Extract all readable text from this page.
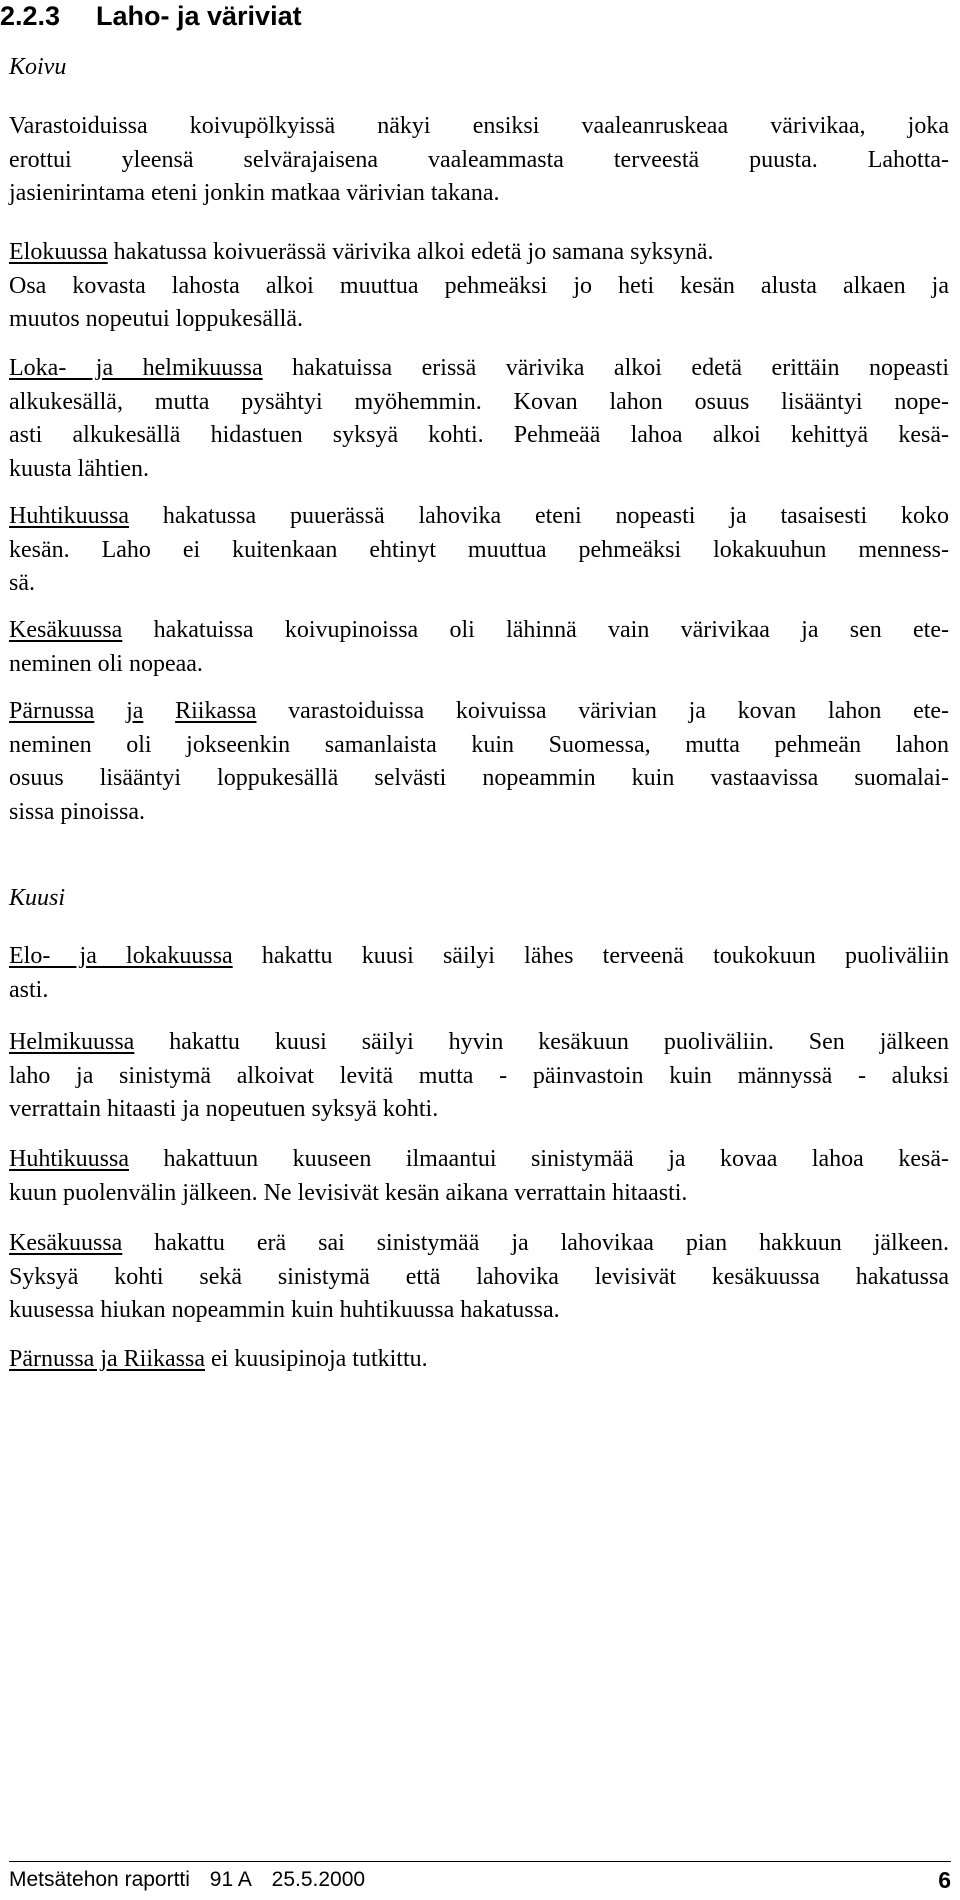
2.2.3 Laho- ja väriviat
Koivu
Varastoiduissa koivupölkyissä näkyi ensiksi vaaleanruskeaa värivikaa, joka
erottui yleensä selvärajaisena vaaleammasta terveestä puusta. Lahotta-
jasienirintama eteni jonkin matkaa värivian takana.
Elokuussa hakatussa koivuerässä värivika alkoi edetä jo samana syksynä.
Osa kovasta lahosta alkoi muuttua pehmeäksi jo heti kesän alusta alkaen ja
muutos nopeutui loppukesällä.
Loka- ja helmikuussa hakatuissa erissä värivika alkoi edetä erittäin nopeasti
alkukesällä, mutta pysähtyi myöhemmin. Kovan lahon osuus lisääntyi nope-
asti alkukesällä hidastuen syksyä kohti. Pehmeää lahoa alkoi kehittyä kesä-
kuusta lähtien.
Huhtikuussa hakatussa puuerässä lahovika eteni nopeasti ja tasaisesti koko
kesän. Laho ei kuitenkaan ehtinyt muuttua pehmeäksi lokakuuhun menness-
sä.
Kesäkuussa hakatuissa koivupinoissa oli lähinnä vain värivikaa ja sen ete-
neminen oli nopeaa.
Pärnussa ja Riikassa varastoiduissa koivuissa värivian ja kovan lahon ete-
neminen oli jokseenkin samanlaista kuin Suomessa, mutta pehmeän lahon
osuus lisääntyi loppukesällä selvästi nopeammin kuin vastaavissa suomalai-
sissa pinoissa.
Kuusi
Elo- ja lokakuussa hakattu kuusi säilyi lähes terveenä toukokuun puoliväliin
asti.
Helmikuussa hakattu kuusi säilyi hyvin kesäkuun puoliväliin. Sen jälkeen
laho ja sinistymä alkoivat levitä mutta - päinvastoin kuin männyssä - aluksi
verrattain hitaasti ja nopeutuen syksyä kohti.
Huhtikuussa hakattuun kuuseen ilmaantui sinistymää ja kovaa lahoa kesä-
kuun puolenvälin jälkeen. Ne levisivät kesän aikana verrattain hitaasti.
Kesäkuussa hakattu erä sai sinistymää ja lahovikaa pian hakkuun jälkeen.
Syksyä kohti sekä sinistymä että lahovika levisivät kesäkuussa hakatussa
kuusessa hiukan nopeammin kuin huhtikuussa hakatussa.
Pärnussa ja Riikassa ei kuusipinoja tutkittu.
Metsätehon raportti 91 A 25.5.2000	6
